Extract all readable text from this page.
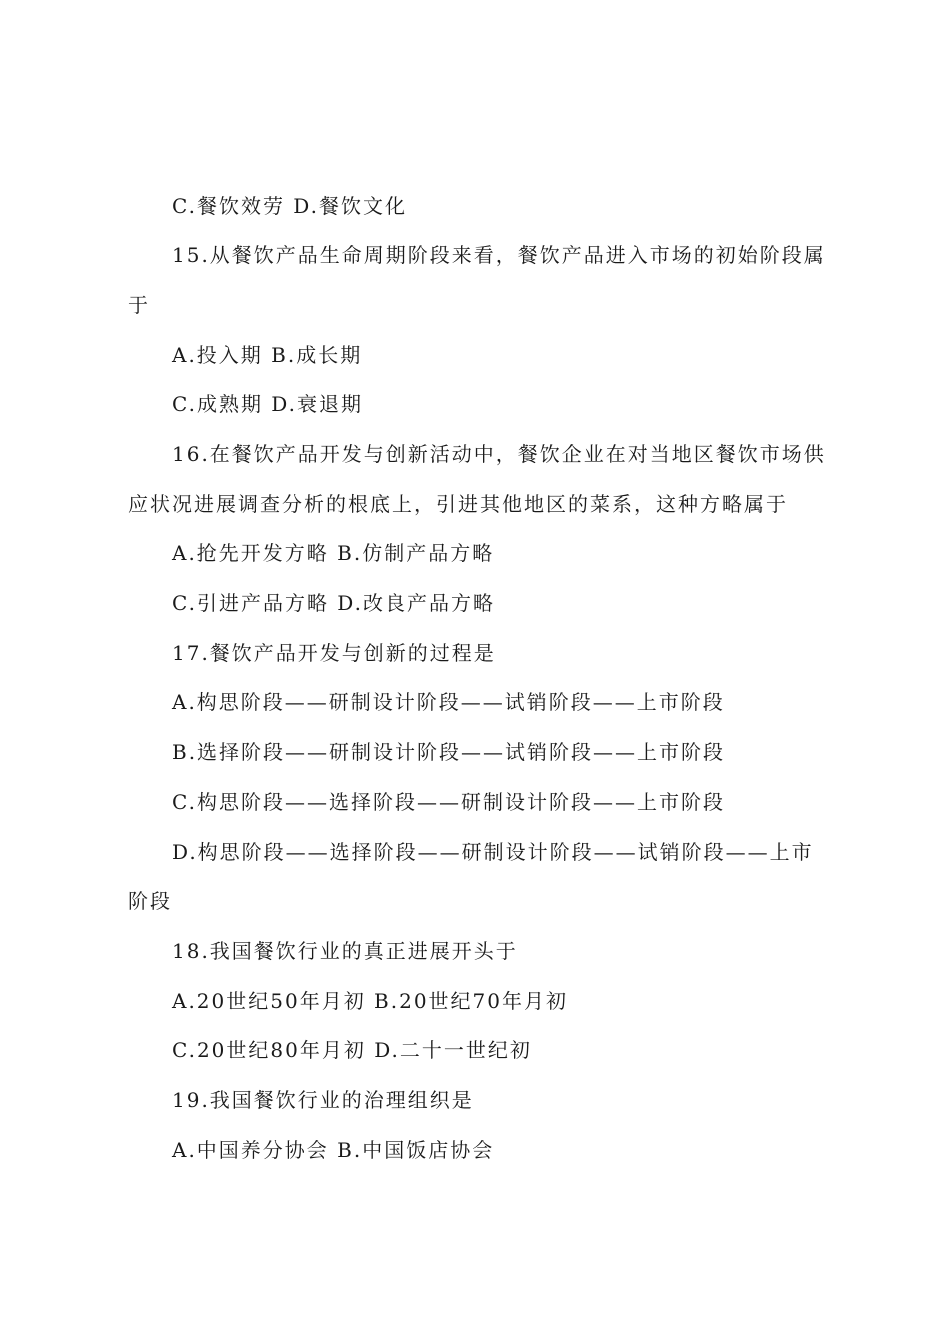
C.餐饮效劳 D.餐饮文化
15.从餐饮产品生命周期阶段来看，餐饮产品进入市场的初始阶段属
于
A.投入期 B.成长期
C.成熟期 D.衰退期
16.在餐饮产品开发与创新活动中，餐饮企业在对当地区餐饮市场供
应状况进展调查分析的根底上，引进其他地区的菜系，这种方略属于
A.抢先开发方略 B.仿制产品方略
C.引进产品方略 D.改良产品方略
17.餐饮产品开发与创新的过程是
A.构思阶段——研制设计阶段——试销阶段——上市阶段
B.选择阶段——研制设计阶段——试销阶段——上市阶段
C.构思阶段——选择阶段——研制设计阶段——上市阶段
D.构思阶段——选择阶段——研制设计阶段——试销阶段——上市
阶段
18.我国餐饮行业的真正进展开头于
A.20世纪50年月初 B.20世纪70年月初
C.20世纪80年月初 D.二十一世纪初
19.我国餐饮行业的治理组织是
A.中国养分协会 B.中国饭店协会
